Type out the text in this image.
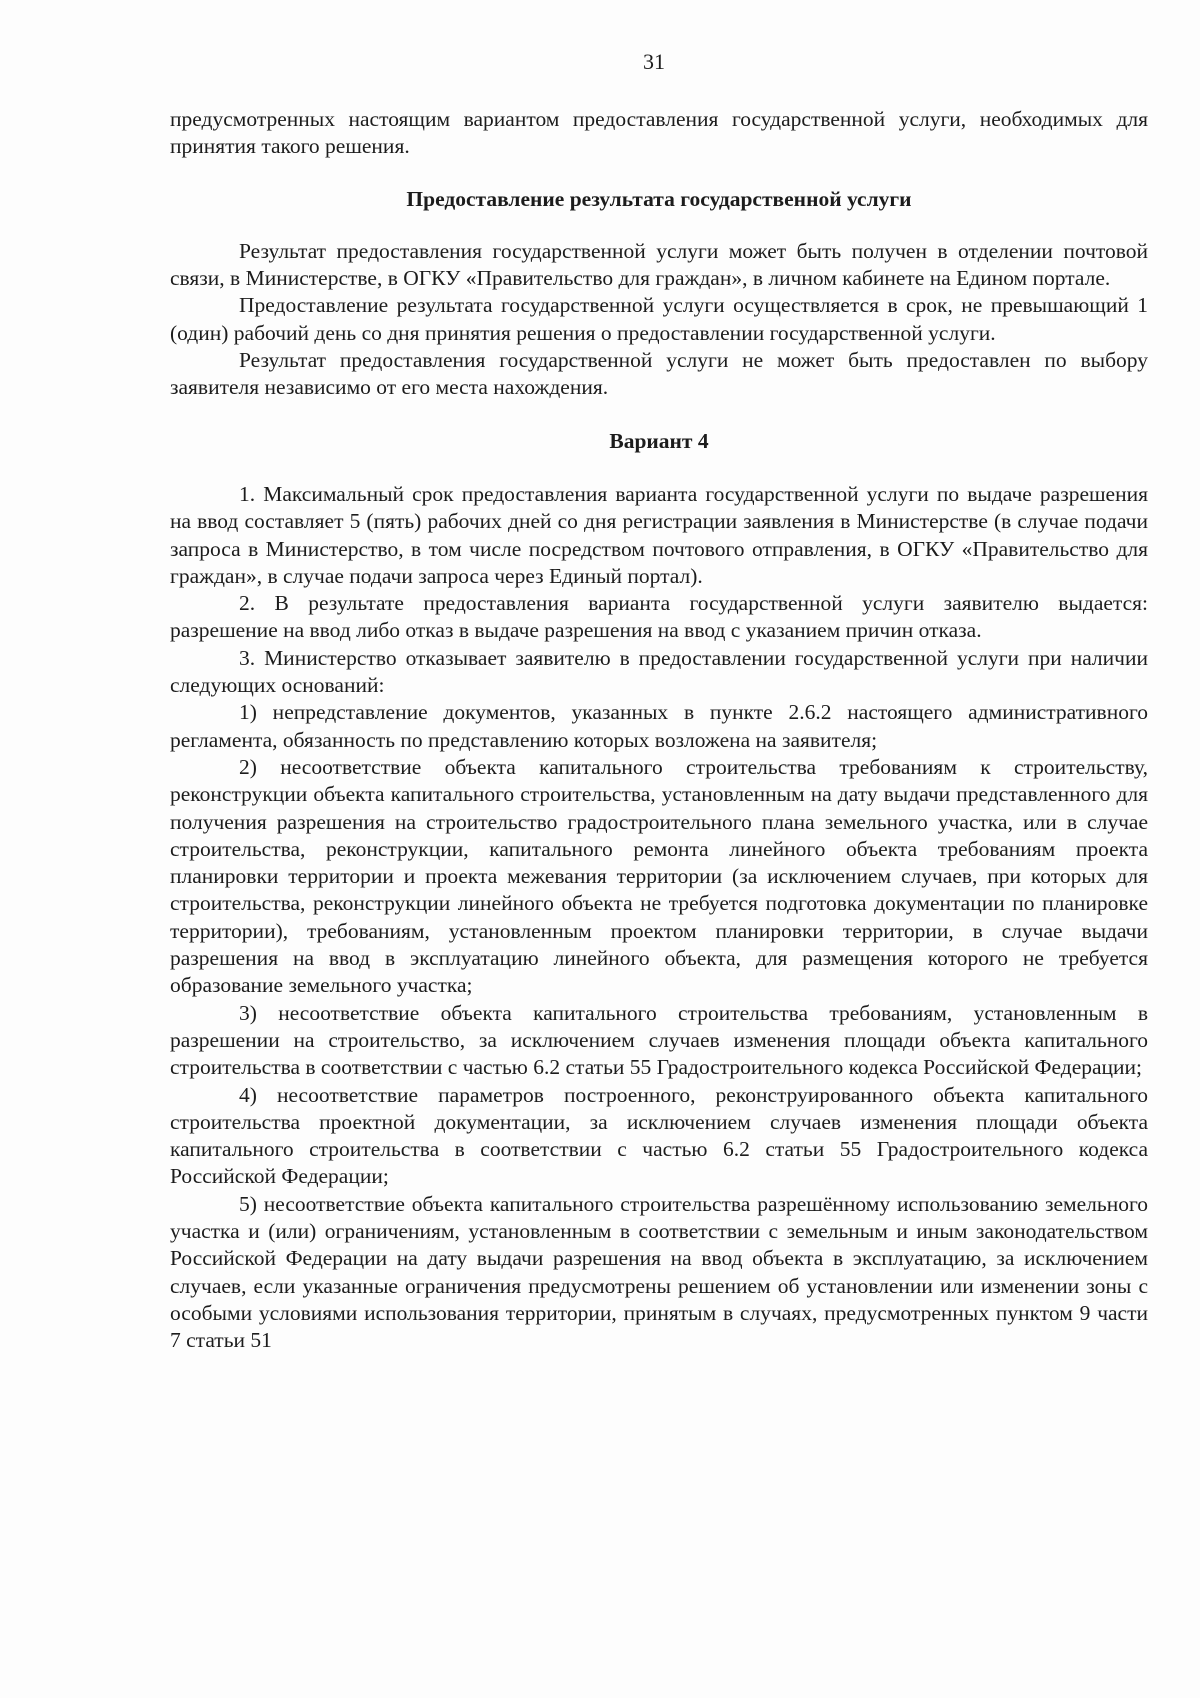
31

предусмотренных настоящим вариантом предоставления государственной услуги, необходимых для принятия такого решения.

Предоставление результата государственной услуги

Результат предоставления государственной услуги может быть получен в отделении почтовой связи, в Министерстве, в ОГКУ «Правительство для граждан», в личном кабинете на Едином портале.

Предоставление результата государственной услуги осуществляется в срок, не превышающий 1 (один) рабочий день со дня принятия решения о предоставлении государственной услуги.

Результат предоставления государственной услуги не может быть предоставлен по выбору заявителя независимо от его места нахождения.

Вариант 4

1. Максимальный срок предоставления варианта государственной услуги по выдаче разрешения на ввод составляет 5 (пять) рабочих дней со дня регистрации заявления в Министерстве (в случае подачи запроса в Министерство, в том числе посредством почтового отправления, в ОГКУ «Правительство для граждан», в случае подачи запроса через Единый портал).

2. В результате предоставления варианта государственной услуги заявителю выдается: разрешение на ввод либо отказ в выдаче разрешения на ввод с указанием причин отказа.

3. Министерство отказывает заявителю в предоставлении государственной услуги при наличии следующих оснований:

1) непредставление документов, указанных в пункте 2.6.2 настоящего административного регламента, обязанность по представлению которых возложена на заявителя;

2) несоответствие объекта капитального строительства требованиям к строительству, реконструкции объекта капитального строительства, установленным на дату выдачи представленного для получения разрешения на строительство градостроительного плана земельного участка, или в случае строительства, реконструкции, капитального ремонта линейного объекта требованиям проекта планировки территории и проекта межевания территории (за исключением случаев, при которых для строительства, реконструкции линейного объекта не требуется подготовка документации по планировке территории), требованиям, установленным проектом планировки территории, в случае выдачи разрешения на ввод в эксплуатацию линейного объекта, для размещения которого не требуется образование земельного участка;

3) несоответствие объекта капитального строительства требованиям, установленным в разрешении на строительство, за исключением случаев изменения площади объекта капитального строительства в соответствии с частью 6.2 статьи 55 Градостроительного кодекса Российской Федерации;

4) несоответствие параметров построенного, реконструированного объекта капитального строительства проектной документации, за исключением случаев изменения площади объекта капитального строительства в соответствии с частью 6.2 статьи 55 Градостроительного кодекса Российской Федерации;

5) несоответствие объекта капитального строительства разрешённому использованию земельного участка и (или) ограничениям, установленным в соответствии с земельным и иным законодательством Российской Федерации на дату выдачи разрешения на ввод объекта в эксплуатацию, за исключением случаев, если указанные ограничения предусмотрены решением об установлении или изменении зоны с особыми условиями использования территории, принятым в случаях, предусмотренных пунктом 9 части 7 статьи 51
